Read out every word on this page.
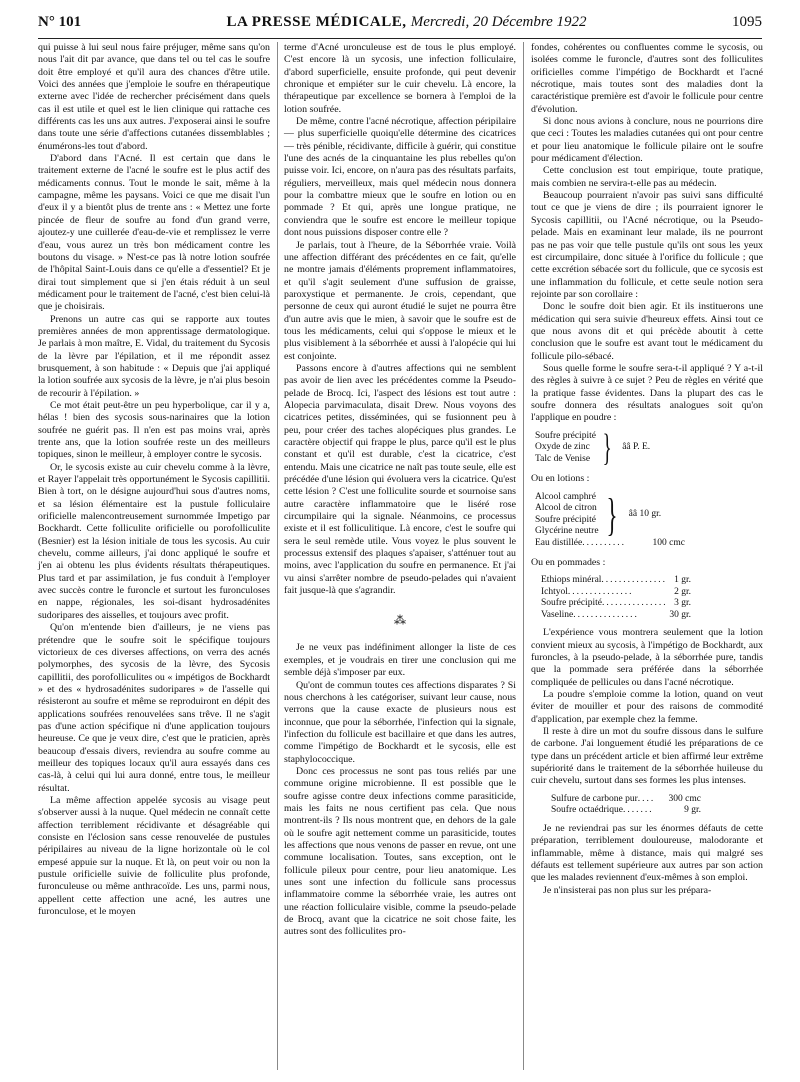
N° 101	LA PRESSE MÉDICALE, Mercredi, 20 Décembre 1922	1095

qui puisse à lui seul nous faire préjuger, même sans qu'on nous l'ait dit par avance, que dans tel ou tel cas le soufre doit être employé et qu'il aura des chances d'être utile. Voici des années que j'emploie le soufre en thérapeutique externe avec l'idée de rechercher précisément dans quels cas il est utile et quel est le lien clinique qui rattache ces différents cas les uns aux autres. J'exposerai ainsi le soufre dans toute une série d'affections cutanées dissemblables ; énumérons-les tout d'abord.

D'abord dans l'Acné. Il est certain que dans le traitement externe de l'acné le soufre est le plus actif des médicaments connus. Tout le monde le sait, même à la campagne, même les paysans. Voici ce que me disait l'un d'eux il y a bientôt plus de trente ans : « Mettez une forte pincée de fleur de soufre au fond d'un grand verre, ajoutez-y une cuillerée d'eau-de-vie et remplissez le verre d'eau, vous aurez un très bon médicament contre les boutons du visage. » N'est-ce pas là notre lotion soufrée de l'hôpital Saint-Louis dans ce qu'elle a d'essentiel? Et je dirai tout simplement que si j'en étais réduit à un seul médicament pour le traitement de l'acné, c'est bien celui-là que je choisirais.

Prenons un autre cas qui se rapporte aux toutes premières années de mon apprentissage dermatologique. Je parlais à mon maître, E. Vidal, du traitement du Sycosis de la lèvre par l'épilation, et il me répondit assez brusquement, à son habitude : « Depuis que j'ai appliqué la lotion soufrée aux sycosis de la lèvre, je n'ai plus besoin de recourir à l'épilation. »

Ce mot était peut-être un peu hyperbolique, car il y a, hélas ! bien des sycosis sous-narinaires que la lotion soufrée ne guérit pas. Il n'en est pas moins vrai, après trente ans, que la lotion soufrée reste un des meilleurs topiques, sinon le meilleur, à employer contre le sycosis.

Or, le sycosis existe au cuir chevelu comme à la lèvre, et Rayer l'appelait très opportunément le Sycosis capillitii. Bien à tort, on le désigne aujourd'hui sous d'autres noms, et sa lésion élémentaire est la pustule folliculaire orificielle malencontreusement surnommée Impetigo par Bockhardt. Cette folliculite orificielle ou porofolliculite (Besnier) est la lésion initiale de tous les sycosis. Au cuir chevelu, comme ailleurs, j'ai donc appliqué le soufre et j'en ai obtenu les plus évidents résultats thérapeutiques. Plus tard et par assimilation, je fus conduit à l'employer avec succès contre le furoncle et surtout les furonculoses en nappe, régionales, les soi-disant hydrosadénites sudoripares des aisselles, et toujours avec profit.

Qu'on m'entende bien d'ailleurs, je ne viens pas prétendre que le soufre soit le spécifique toujours victorieux de ces diverses affections, on verra des acnés polymorphes, des sycosis de la lèvre, des Sycosis capillitii, des porofolliculites ou « impétigos de Bockhardt » et des « hydrosadénites sudoripares » de l'asselle qui résisteront au soufre et même se reproduiront en dépit des applications soufrées renouvelées sans trêve. Il ne s'agit pas d'une action spécifique ni d'une application toujours heureuse. Ce que je veux dire, c'est que le praticien, après beaucoup d'essais divers, reviendra au soufre comme au meilleur des topiques locaux qu'il aura essayés dans ces cas-là, à celui qui lui aura donné, entre tous, le meilleur résultat.

La même affection appelée sycosis au visage peut s'observer aussi à la nuque. Quel médecin ne connaît cette affection terriblement récidivante et désagréable qui consiste en l'éclosion sans cesse renouvelée de pustules péripilaires au niveau de la ligne horizontale où le col empesé appuie sur la nuque. Et là, on peut voir ou non la pustule orificielle suivie de folliculite plus profonde, furonculeuse ou même anthracoïde. Les uns, parmi nous, appellent cette affection une acné, les autres une furonculose, et le moyen

terme d'Acné uronculeuse est de tous le plus employé. C'est encore là un sycosis, une infection folliculaire, d'abord superficielle, ensuite profonde, qui peut devenir chronique et empiéter sur le cuir chevelu. Là encore, la thérapeutique par excellence se bornera à l'emploi de la lotion soufrée.

De même, contre l'acné nécrotique, affection péripilaire — plus superficielle quoiqu'elle détermine des cicatrices — très pénible, récidivante, difficile à guérir, qui constitue l'une des acnés de la cinquantaine les plus rebelles qu'on puisse voir. Ici, encore, on n'aura pas des résultats parfaits, réguliers, merveilleux, mais quel médecin nous donnera pour la combattre mieux que le soufre en lotion ou en pommade ? Et qui, après une longue pratique, ne conviendra que le soufre est encore le meilleur topique dont nous puissions disposer contre elle ?

Je parlais, tout à l'heure, de la Séborrhée vraie. Voilà une affection différant des précédentes en ce fait, qu'elle ne montre jamais d'éléments proprement inflammatoires, et qu'il s'agit seulement d'une suffusion de graisse, paroxystique et permanente. Je crois, cependant, que personne de ceux qui auront étudié le sujet ne pourra être d'un autre avis que le mien, à savoir que le soufre est de tous les médicaments, celui qui s'oppose le mieux et le plus visiblement à la séborrhée et aussi à l'alopécie qui lui est conjointe.

Passons encore à d'autres affections qui ne semblent pas avoir de lien avec les précédentes comme la Pseudo-pelade de Brocq. Ici, l'aspect des lésions est tout autre : Alopecia parvimaculata, disait Drew. Nous voyons des cicatrices petites, disséminées, qui se fusionnent peu à peu, pour créer des taches alopéciques plus grandes. Le caractère objectif qui frappe le plus, parce qu'il est le plus constant et qu'il est durable, c'est la cicatrice, c'est entendu. Mais une cicatrice ne naît pas toute seule, elle est précédée d'une lésion qui évoluera vers la cicatrice. Qu'est cette lésion ? C'est une folliculite sourde et sournoise sans autre caractère inflammatoire que le liséré rose circumpilaire qui la signale. Néanmoins, ce processus existe et il est folliculitique. Là encore, c'est le soufre qui sera le seul remède utile. Vous voyez le plus souvent le processus extensif des plaques s'apaiser, s'atténuer tout au moins, avec l'application du soufre en permanence. Et j'ai vu ainsi s'arrêter nombre de pseudo-pelades qui n'avaient fait jusque-là que s'agrandir.

⁂

Je ne veux pas indéfiniment allonger la liste de ces exemples, et je voudrais en tirer une conclusion qui me semble déjà s'imposer par eux.

Qu'ont de commun toutes ces affections disparates ? Si nous cherchons à les catégoriser, suivant leur cause, nous verrons que la cause exacte de plusieurs nous est inconnue, que pour la séborrhée, l'infection qui la signale, l'infection du follicule est bacillaire et que dans les autres, comme l'impétigo de Bockhardt et le sycosis, elle est staphylococcique.

Donc ces processus ne sont pas tous reliés par une commune origine microbienne. Il est possible que le soufre agisse contre deux infections comme parasiticide, mais les faits ne nous certifient pas cela. Que nous montrent-ils ? Ils nous montrent que, en dehors de la gale où le soufre agit nettement comme un parasiticide, toutes les affections que nous venons de passer en revue, ont une commune localisation. Toutes, sans exception, ont le follicule pileux pour centre, pour lieu anatomique. Les unes sont une infection du follicule sans processus inflammatoire comme la séborrhée vraie, les autres ont une réaction folliculaire visible, comme la pseudo-pelade de Brocq, avant que la cicatrice ne soit chose faite, les autres sont des folliculites pro-

fondes, cohérentes ou confluentes comme le sycosis, ou isolées comme le furoncle, d'autres sont des folliculites orificielles comme l'impétigo de Bockhardt et l'acné nécrotique, mais toutes sont des maladies dont la caractéristique première est d'avoir le follicule pour centre d'évolution.

Si donc nous avions à conclure, nous ne pourrions dire que ceci : Toutes les maladies cutanées qui ont pour centre et pour lieu anatomique le follicule pilaire ont le soufre pour médicament d'élection.

Cette conclusion est tout empirique, toute pratique, mais combien ne servira-t-elle pas au médecin.

Beaucoup pourraient n'avoir pas suivi sans difficulté tout ce que je viens de dire ; ils pourraient ignorer le Sycosis capillitii, ou l'Acné nécrotique, ou la Pseudo-pelade. Mais en examinant leur malade, ils ne pourront pas ne pas voir que telle pustule qu'ils ont sous les yeux est circumpilaire, donc située à l'orifice du follicule ; que cette excrétion sébacée sort du follicule, que ce sycosis est une inflammation du follicule, et cette seule notion sera rejointe par son corollaire :

Donc le soufre doit bien agir. Et ils instituerons une médication qui sera suivie d'heureux effets. Ainsi tout ce que nous avons dit et qui précède aboutit à cette conclusion que le soufre est avant tout le médicament du follicule pilo-sébacé.

Sous quelle forme le soufre sera-t-il appliqué ? Y a-t-il des règles à suivre à ce sujet ? Peu de règles en vérité que la pratique fasse évidentes. Dans la plupart des cas le soufre donnera des résultats analogues soit qu'on l'applique en poudre :

Soufre précipité
Oxyde de zinc
Talc de Venise }	ââ P. E.

Ou en lotions :

Alcool camphré
Alcool de citron
Soufre précipité
Glycérine neutre }	ââ 10 gr.
Eau distillée ..........	100 cmc

Ou en pommades :

Ethiops minéral ............... 1 gr.
Ichtyol ...............	2 gr.
Soufre précipité ............... 3 gr.
Vaseline ...............	30 gr.

L'expérience vous montrera seulement que la lotion convient mieux au sycosis, à l'impétigo de Bockhardt, aux furoncles, à la pseudo-pelade, à la séborrhée pure, tandis que la pommade sera préférée dans la séborrhée compliquée de pellicules ou dans l'acné nécrotique.

La poudre s'emploie comme la lotion, quand on veut éviter de mouiller et pour des raisons de commodité d'application, par exemple chez la femme.

Il reste à dire un mot du soufre dissous dans le sulfure de carbone. J'ai longuement étudié les préparations de ce type dans un précédent article et bien affirmé leur extrême supériorité dans le traitement de la séborrhée huileuse du cuir chevelu, surtout dans ses formes les plus intenses.

Sulfure de carbone pur ....	300 cmc
Soufre octaédrique .......	9 gr.

Je ne reviendrai pas sur les énormes défauts de cette préparation, terriblement douloureuse, malodorante et inflammable, même à distance, mais qui malgré ses défauts est tellement supérieure aux autres par son action que les malades reviennent d'eux-mêmes à son emploi.

Je n'insisterai pas non plus sur les prépara-
